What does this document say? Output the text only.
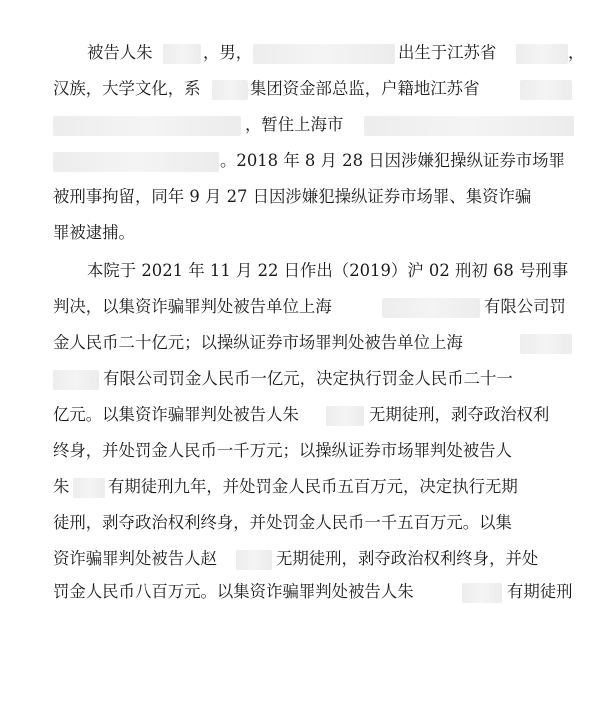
被告人朱

	，男，

	出生于江苏省

	，

汉族，大学文化，系

	集团资金部总监，户籍地江苏省

，暂住上海市

。2018 年 8 月 28 日因涉嫌犯操纵证券市场罪

被刑事拘留，同年 9 月 27 日因涉嫌犯操纵证券市场罪、集资诈骗

罪被逮捕。

本院于 2021 年 11 月 22 日作出（2019）沪 02 刑初 68 号刑事

判决，以集资诈骗罪判处被告单位上海

	有限公司罚

金人民币二十亿元；以操纵证券市场罪判处被告单位上海

有限公司罚金人民币一亿元，决定执行罚金人民币二十一

亿元。以集资诈骗罪判处被告人朱

	无期徒刑，剥夺政治权利

终身，并处罚金人民币一千万元；以操纵证券市场罪判处被告人

朱

有期徒刑九年，并处罚金人民币五百万元，决定执行无期

徒刑，剥夺政治权利终身，并处罚金人民币一千五百万元。以集

资诈骗罪判处被告人赵

	无期徒刑，剥夺政治权利终身，并处

罚金人民币八百万元。以集资诈骗罪判处被告人朱

	有期徒刑
